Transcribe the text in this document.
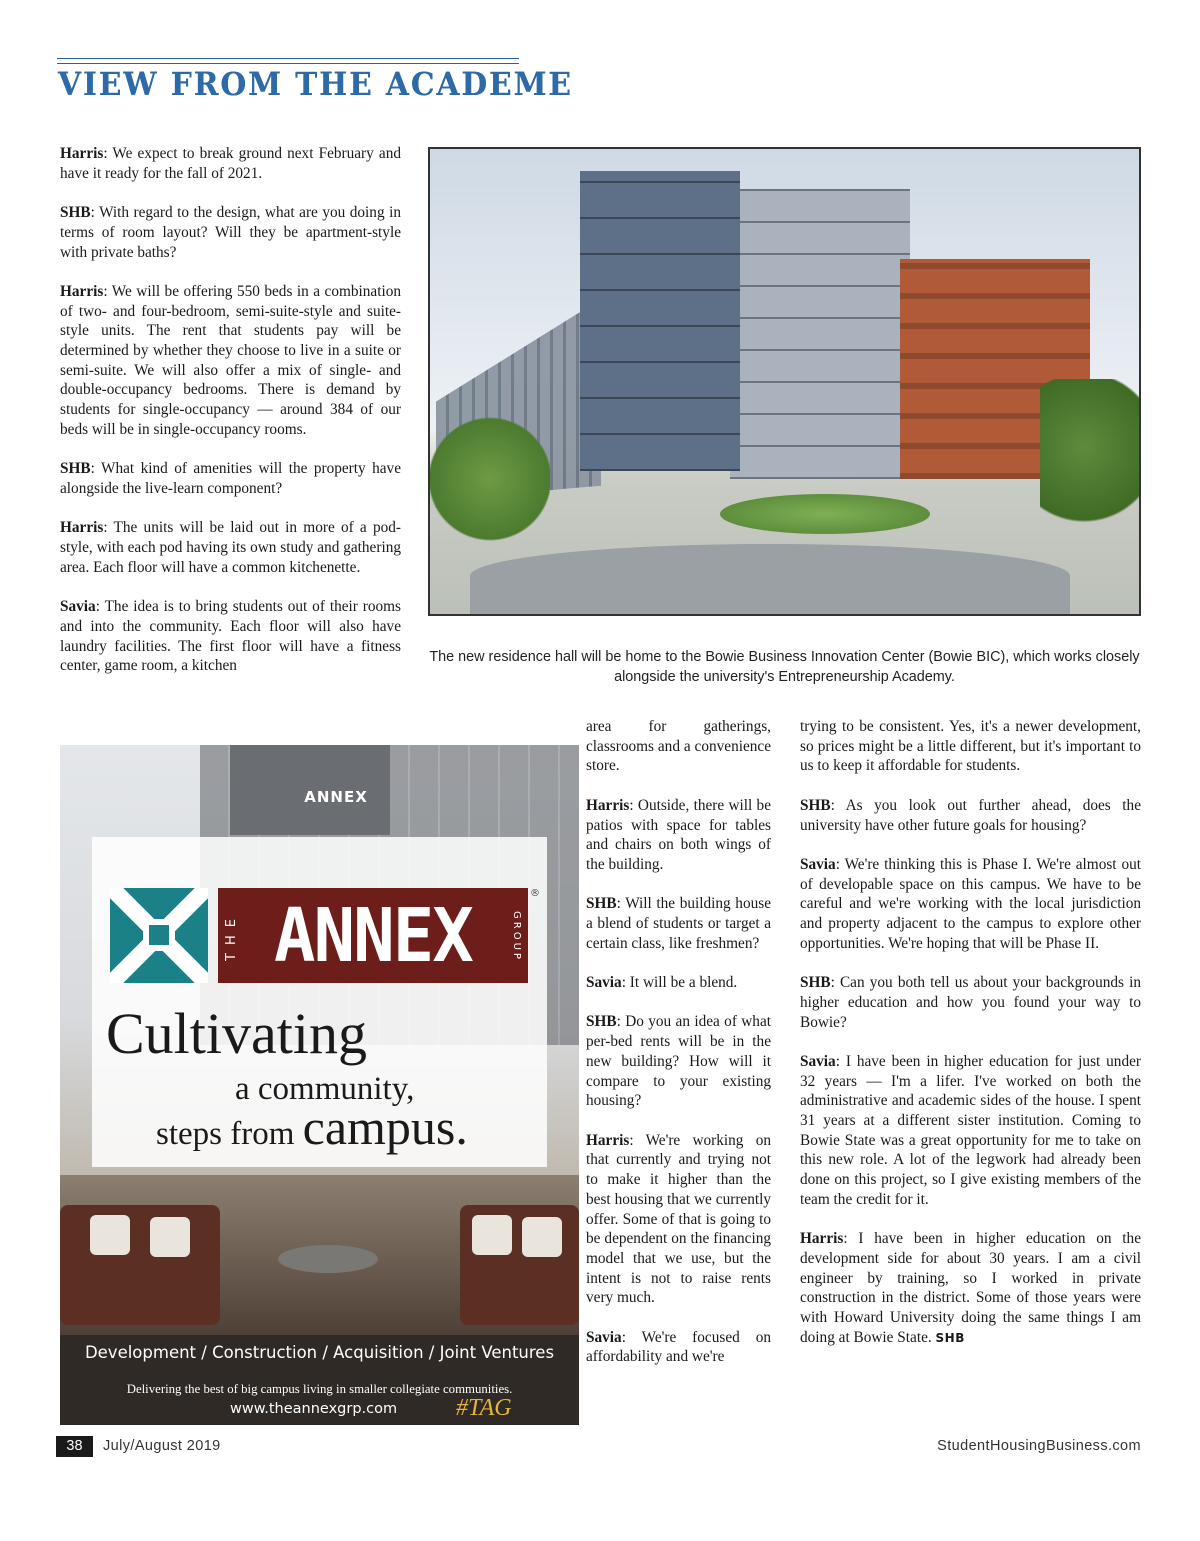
VIEW FROM THE ACADEME

Harris: We expect to break ground next February and have it ready for the fall of 2021.

SHB: With regard to the design, what are you doing in terms of room layout? Will they be apartment-style with private baths?

Harris: We will be offering 550 beds in a combination of two- and four-bedroom, semi-suite-style and suite-style units. The rent that students pay will be determined by whether they choose to live in a suite or semi-suite. We will also offer a mix of single- and double-occupancy bedrooms. There is demand by students for single-occupancy — around 384 of our beds will be in single-occupancy rooms.

SHB: What kind of amenities will the property have alongside the live-learn component?

Harris: The units will be laid out in more of a pod-style, with each pod having its own study and gathering area. Each floor will have a common kitchenette.

Savia: The idea is to bring students out of their rooms and into the community. Each floor will also have laundry facilities. The first floor will have a fitness center, game room, a kitchen

The new residence hall will be home to the Bowie Business Innovation Center (Bowie BIC), which works closely alongside the university's Entrepreneurship Academy.
ANNEX
THE ANNEX	GROUP
®
Cultivating
a community,
steps from campus.
Development / Construction / Acquisition / Joint Ventures
Delivering the best of big campus living in smaller collegiate communities.
www.theannexgrp.com #TAG

area for gatherings, classrooms and a convenience store.

Harris: Outside, there will be patios with space for tables and chairs on both wings of the building.

SHB: Will the building house a blend of students or target a certain class, like freshmen?

Savia: It will be a blend.

SHB: Do you an idea of what per-bed rents will be in the new building? How will it compare to your existing housing?

Harris: We're working on that currently and trying not to make it higher than the best housing that we currently offer. Some of that is going to be dependent on the financing model that we use, but the intent is not to raise rents very much.

Savia: We're focused on affordability and we're

trying to be consistent. Yes, it's a newer development, so prices might be a little different, but it's important to us to keep it affordable for students.

SHB: As you look out further ahead, does the university have other future goals for housing?

Savia: We're thinking this is Phase I. We're almost out of developable space on this campus. We have to be careful and we're working with the local jurisdiction and property adjacent to the campus to explore other opportunities. We're hoping that will be Phase II.

SHB: Can you both tell us about your backgrounds in higher education and how you found your way to Bowie?

Savia: I have been in higher education for just under 32 years — I'm a lifer. I've worked on both the administrative and academic sides of the house. I spent 31 years at a different sister institution. Coming to Bowie State was a great opportunity for me to take on this new role. A lot of the legwork had already been done on this project, so I give existing members of the team the credit for it.

Harris: I have been in higher education on the development side for about 30 years. I am a civil engineer by training, so I worked in private construction in the district. Some of those years were with Howard University doing the same things I am doing at Bowie State. SHB

38	July/August 2019	StudentHousingBusiness.com
